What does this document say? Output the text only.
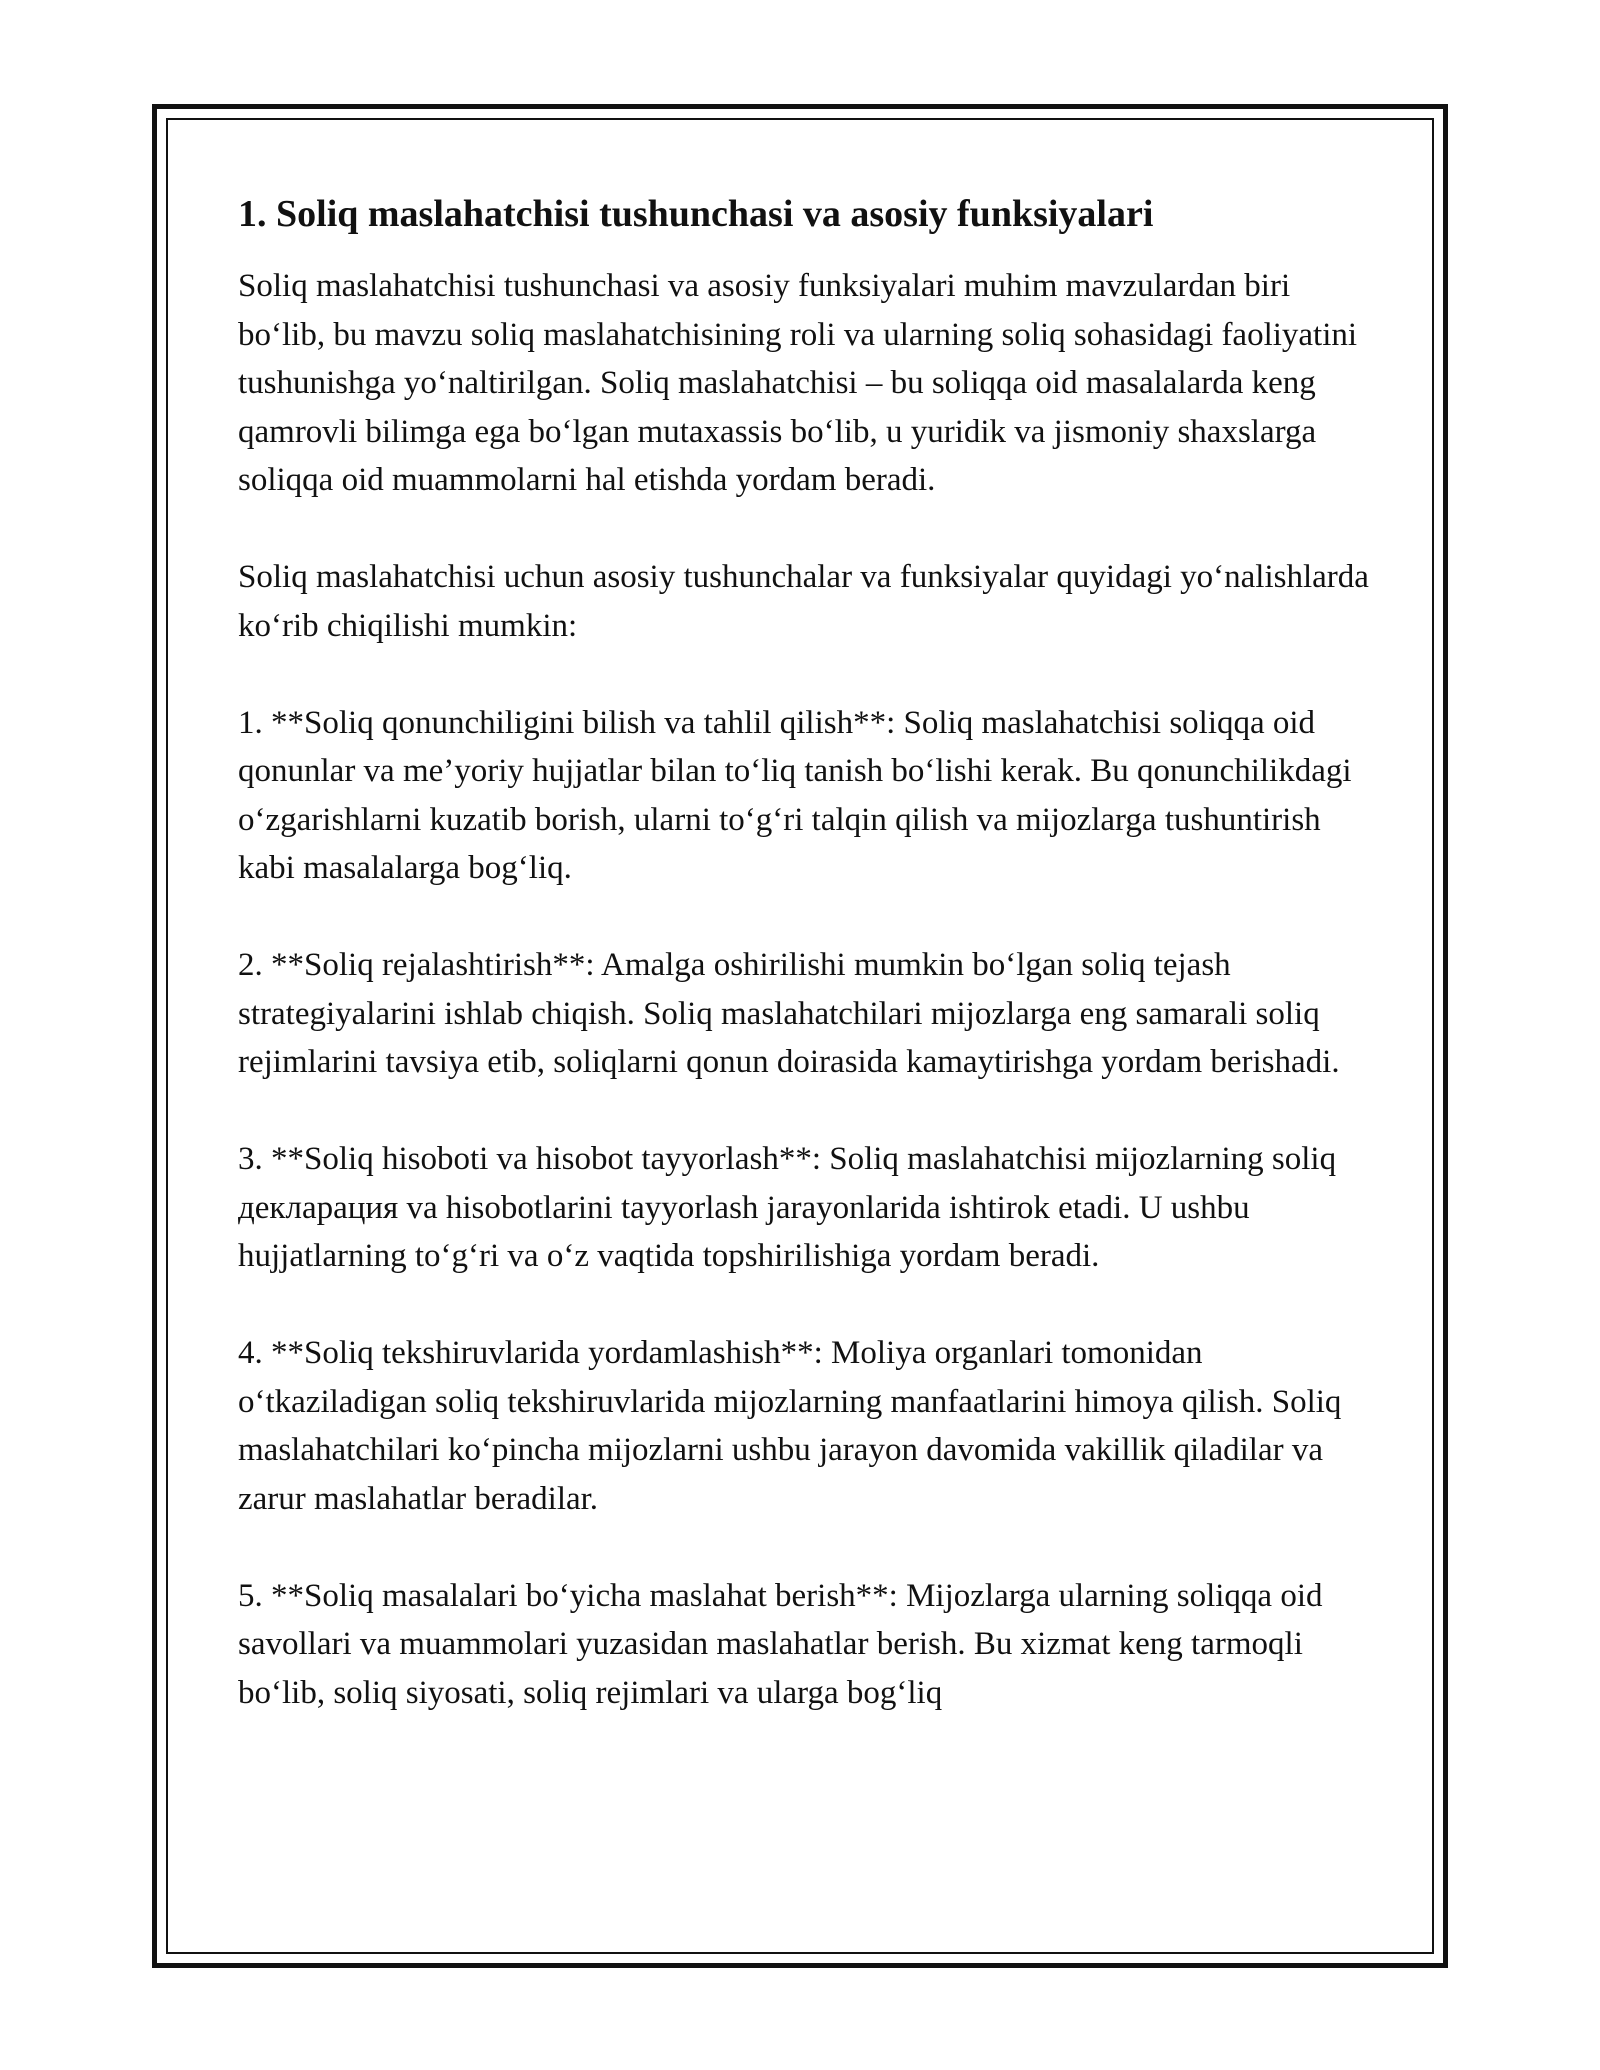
1. Soliq maslahatchisi tushunchasi va asosiy funksiyalari

Soliq maslahatchisi tushunchasi va asosiy funksiyalari muhim mavzulardan biri bo‘lib, bu mavzu soliq maslahatchisining roli va ularning soliq sohasidagi faoliyatini tushunishga yo‘naltirilgan. Soliq maslahatchisi – bu soliqqa oid masalalarda keng qamrovli bilimga ega bo‘lgan mutaxassis bo‘lib, u yuridik va jismoniy shaxslarga soliqqa oid muammolarni hal etishda yordam beradi.

Soliq maslahatchisi uchun asosiy tushunchalar va funksiyalar quyidagi yo‘nalishlarda ko‘rib chiqilishi mumkin:

1. **Soliq qonunchiligini bilish va tahlil qilish**: Soliq maslahatchisi soliqqa oid qonunlar va me’yoriy hujjatlar bilan to‘liq tanish bo‘lishi kerak. Bu qonunchilikdagi o‘zgarishlarni kuzatib borish, ularni to‘g‘ri talqin qilish va mijozlarga tushuntirish kabi masalalarga bog‘liq.

2. **Soliq rejalashtirish**: Amalga oshirilishi mumkin bo‘lgan soliq tejash strategiyalarini ishlab chiqish. Soliq maslahatchilari mijozlarga eng samarali soliq rejimlarini tavsiya etib, soliqlarni qonun doirasida kamaytirishga yordam berishadi.

3. **Soliq hisoboti va hisobot tayyorlash**: Soliq maslahatchisi mijozlarning soliq декларация va hisobotlarini tayyorlash jarayonlarida ishtirok etadi. U ushbu hujjatlarning to‘g‘ri va o‘z vaqtida topshirilishiga yordam beradi.

4. **Soliq tekshiruvlarida yordamlashish**: Moliya organlari tomonidan o‘tkaziladigan soliq tekshiruvlarida mijozlarning manfaatlarini himoya qilish. Soliq maslahatchilari ko‘pincha mijozlarni ushbu jarayon davomida vakillik qiladilar va zarur maslahatlar beradilar.

5. **Soliq masalalari bo‘yicha maslahat berish**: Mijozlarga ularning soliqqa oid savollari va muammolari yuzasidan maslahatlar berish. Bu xizmat keng tarmoqli bo‘lib, soliq siyosati, soliq rejimlari va ularga bog‘liq
